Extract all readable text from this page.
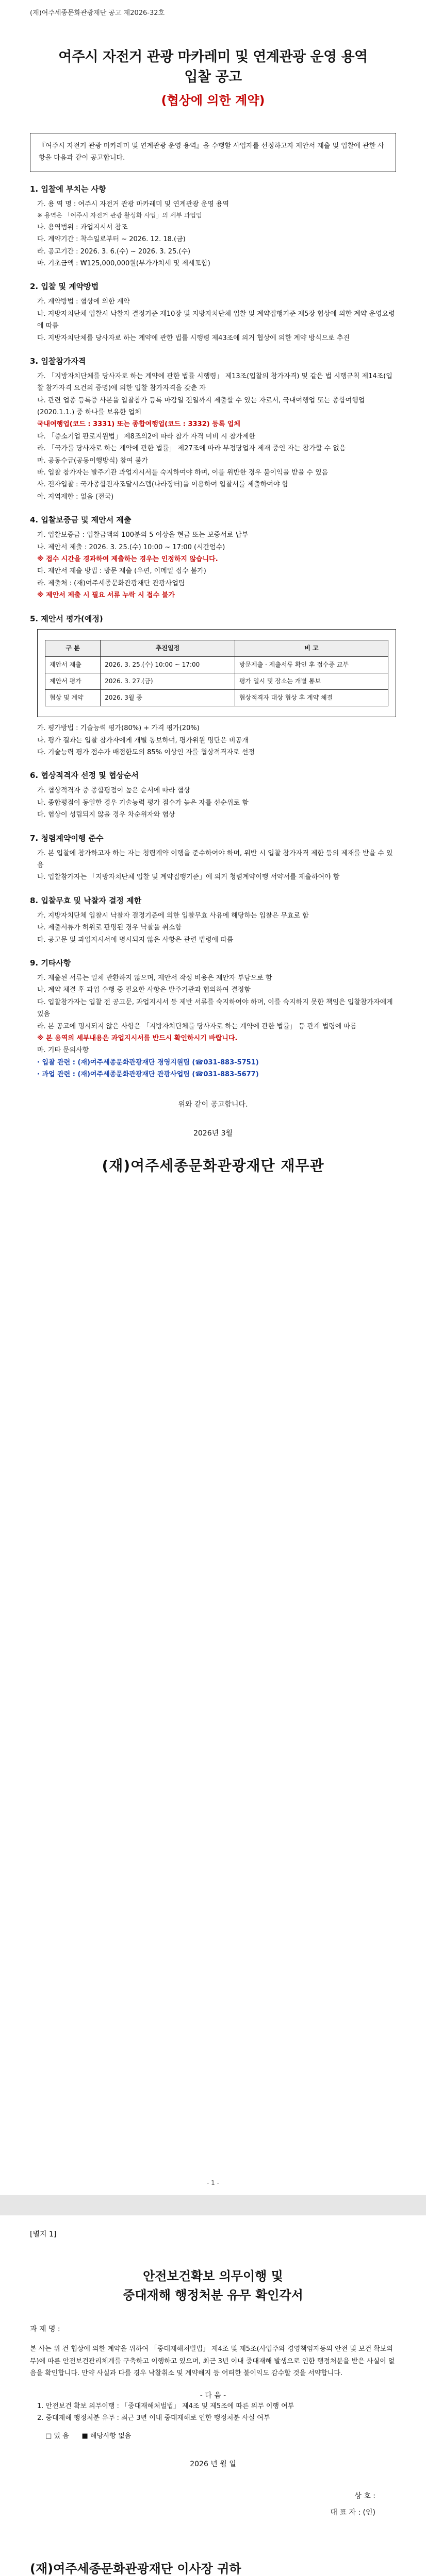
(재)여주세종문화관광재단 공고 제2026-32호
여주시 자전거 관광 마카레미 및 연계관광 운영 용역
입찰 공고
(협상에 의한 계약)
『여주시 자전거 관광 마카레미 및 연계관광 운영 용역』을 수행할 사업자를 선정하고자 제안서 제출 및 입찰에 관한 사항을 다음과 같이 공고합니다.
1. 입찰에 부치는 사항
가. 용 역 명 : 여주시 자전거 관광 마카레미 및 연계관광 운영 용역
※ 용역은 「여주시 자전거 관광 활성화 사업」의 세부 과업임
나. 용역범위 : 과업지시서 참조
다. 계약기간 : 착수일로부터 ~ 2026. 12. 18.(금)
라. 공고기간 : 2026. 3. 6.(수) ~ 2026. 3. 25.(수)
마. 기초금액 : ₩125,000,000원(부가가치세 및 제세포함)
2. 입찰 및 계약방법
가. 계약방법 : 협상에 의한 계약
나. 지방자치단체 입찰시 낙찰자 결정기준 제10장 및 지방자치단체 입찰 및 계약집행기준 제5장 협상에 의한 계약 운영요령에 따름
다. 지방자치단체를 당사자로 하는 계약에 관한 법률 시행령 제43조에 의거 협상에 의한 계약 방식으로 추진
3. 입찰참가자격
가. 「지방자치단체를 당사자로 하는 계약에 관한 법률 시행령」 제13조(입찰의 참가자격) 및 같은 법 시행규칙 제14조(입찰 참가자격 요건의 증명)에 의한 입찰 참가자격을 갖춘 자
나. 관련 업종 등록증 사본을 입찰참가 등록 마감일 전일까지 제출할 수 있는 자로서, 국내여행업 또는 종합여행업(2020.1.1.) 중 하나를 보유한 업체
국내여행업(코드 : 3331) 또는 종합여행업(코드 : 3332) 등록 업체
다. 「중소기업 판로지원법」 제8조의2에 따라 참가 자격 미비 시 참가제한
라. 「국가를 당사자로 하는 계약에 관한 법률」 제27조에 따라 부정당업자 제재 중인 자는 참가할 수 없음
마. 공동수급(공동이행방식) 참여 불가
바. 입찰 참가자는 발주기관 과업지시서를 숙지하여야 하며, 이를 위반한 경우 불이익을 받을 수 있음
사. 전자입찰 : 국가종합전자조달시스템(나라장터)을 이용하여 입찰서를 제출하여야 함
아. 지역제한 : 없음 (전국)
4. 입찰보증금 및 제안서 제출
가. 입찰보증금 : 입찰금액의 100분의 5 이상을 현금 또는 보증서로 납부
나. 제안서 제출 : 2026. 3. 25.(수) 10:00 ~ 17:00 (시간엄수)
※ 접수 시간을 경과하여 제출하는 경우는 인정하지 않습니다.
다. 제안서 제출 방법 : 방문 제출 (우편, 이메일 접수 불가)
라. 제출처 : (재)여주세종문화관광재단 관광사업팀
※ 제안서 제출 시 필요 서류 누락 시 접수 불가
5. 제안서 평가(예정)
구 분	추진일정	비 고
제안서 제출	2026. 3. 25.(수) 10:00 ~ 17:00	방문제출 · 제출서류 확인 후 접수증 교부
제안서 평가	2026. 3. 27.(금)	평가 일시 및 장소는 개별 통보
협상 및 계약	2026. 3월 중	협상적격자 대상 협상 후 계약 체결
가. 평가방법 : 기술능력 평가(80%) + 가격 평가(20%)
나. 평가 결과는 입찰 참가자에게 개별 통보하며, 평가위원 명단은 비공개
다. 기술능력 평가 점수가 배점한도의 85% 이상인 자를 협상적격자로 선정
6. 협상적격자 선정 및 협상순서
가. 협상적격자 중 종합평점이 높은 순서에 따라 협상
나. 종합평점이 동일한 경우 기술능력 평가 점수가 높은 자를 선순위로 함
다. 협상이 성립되지 않을 경우 차순위자와 협상
7. 청렴계약이행 준수
가. 본 입찰에 참가하고자 하는 자는 청렴계약 이행을 준수하여야 하며, 위반 시 입찰 참가자격 제한 등의 제재를 받을 수 있음
나. 입찰참가자는 「지방자치단체 입찰 및 계약집행기준」에 의거 청렴계약이행 서약서를 제출하여야 함
8. 입찰무효 및 낙찰자 결정 제한
가. 지방자치단체 입찰시 낙찰자 결정기준에 의한 입찰무효 사유에 해당하는 입찰은 무효로 함
나. 제출서류가 허위로 판명된 경우 낙찰을 취소함
다. 공고문 및 과업지시서에 명시되지 않은 사항은 관련 법령에 따름
9. 기타사항
가. 제출된 서류는 일체 반환하지 않으며, 제안서 작성 비용은 제안자 부담으로 함
나. 계약 체결 후 과업 수행 중 필요한 사항은 발주기관과 협의하여 결정함
다. 입찰참가자는 입찰 전 공고문, 과업지시서 등 제반 서류를 숙지하여야 하며, 이를 숙지하지 못한 책임은 입찰참가자에게 있음
라. 본 공고에 명시되지 않은 사항은 「지방자치단체를 당사자로 하는 계약에 관한 법률」 등 관계 법령에 따름
※ 본 용역의 세부내용은 과업지시서를 반드시 확인하시기 바랍니다.
마. 기타 문의사항
· 입찰 관련 : (재)여주세종문화관광재단 경영지원팀 (☎031-883-5751)
· 과업 관련 : (재)여주세종문화관광재단 관광사업팀 (☎031-883-5677)
위와 같이 공고합니다.
2026년 3월
(재)여주세종문화관광재단 재무관
- 1 -
[별지 1]
안전보건확보 의무이행 및
중대재해 행정처분 유무 확인각서
과 제 명 :
본 사는 위 건 협상에 의한 계약을 위하여 「중대재해처벌법」 제4조 및 제5조(사업주와 경영책임자등의 안전 및 보건 확보의무)에 따른 안전보건관리체계를 구축하고 이행하고 있으며, 최근 3년 이내 중대재해 발생으로 인한 행정처분을 받은 사실이 없음을 확인합니다. 만약 사실과 다를 경우 낙찰취소 및 계약해지 등 어떠한 불이익도 감수할 것을 서약합니다.
- 다 음 -
1. 안전보건 확보 의무이행 : 「중대재해처벌법」 제4조 및 제5조에 따른 의무 이행 여부
2. 중대재해 행정처분 유무 : 최근 3년 이내 중대재해로 인한 행정처분 사실 여부
□ 있 음 ■ 해당사항 없음
2026 년 월 일
상 호 :
대 표 자 : (인)
(재)여주세종문화관광재단 이사장 귀하
